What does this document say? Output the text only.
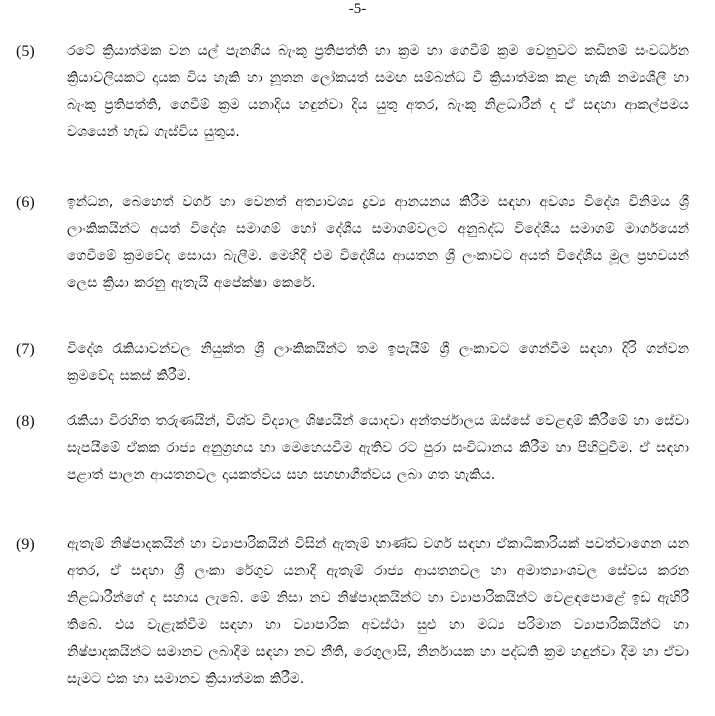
-5-
(5) රටේ ක්‍රියාත්මක වන යල් පැනගිය බැංකු ප්‍රතිපත්ති හා ක්‍රම හා ගෙවීම් ක්‍රම වෙනුවට කඩිනම් සංවර්ධන ක්‍රියාවලියකට දායක විය හැකි හා නූතන ලෝකයත් සමඟ සම්බන්ධ වී ක්‍රියාත්මක කළ හැකි නම්‍යශීලී හා බැංකු ප්‍රතිපත්ති, ගෙවීම් ක්‍රම යනාදිය හඳුන්වා දිය යුතු අතර, බැංකු නිළධාරීන් ද ඒ සඳහා ආකල්පමය වශයෙන් හැඩ ගැස්විය යුතුය.
(6) ඉන්ධන, බෙහෙත් වර්ග හා වෙනත් අත්‍යාවශ්‍ය ද්‍රව්‍ය ආනයනය කිරීම සඳහා අවශ්‍ය විදේශ විනිමය ශ්‍රී ලාංකිකයින්ට අයත් විදේශ සමාගම් හෝ දේශීය සමාගම්වලට අනුබද්ධ විදේශීය සමාගම් මාර්ගයෙන් ගෙවීමේ ක්‍රමවේද සොයා බැලීම. මෙහිදී එම විදේශීය ආයතන ශ්‍රී ලංකාවට අයත් විදේශීය මූල ප්‍රභවයන් ලෙස ක්‍රියා කරනු ඇතැයි අපේක්ෂා කෙරේ.
(7) විදේශ රැකියාවන්වල නියුක්ත ශ්‍රී ලාංකිකයින්ට තම ඉපැයීම් ශ්‍රී ලංකාවට ගෙන්වීම සඳහා දිරි ගන්වන ක්‍රමවේද සකස් කිරීම.
(8) රැකියා විරහිත තරුණයින්, විශ්ව විද්‍යාල ශිෂ්‍යයින් යොදවා අන්තර්ජාලය ඔස්සේ වෙළඳාම් කිරීමේ හා සේවා සැපයීමේ ඒකක රාජ්‍ය අනුග්‍රහය හා මෙහෙයවීම ඇතිව රට පුරා සංවිධානය කිරීම හා පිහිටුවීම. ඒ සඳහා පළාත් පාලන ආයතනවල දායකත්වය සහ සහභාගීත්වය ලබා ගත හැකිය.
(9) ඇතැම් නිෂ්පාදකයින් හා ව්‍යාපාරිකයින් විසින් ඇතැම් භාණ්ඩ වර්ග සඳහා ඒකාධිකාරියක් පවත්වාගෙන යන අතර, ඒ සඳහා ශ්‍රී ලංකා රේගුව යනාදී ඇතැම් රාජ්‍ය ආයතනවල හා අමාත්‍යාංශවල සේවය කරන නිළධාරීන්ගේ ද සහාය ලැබේ. මේ නිසා නව නිෂ්පාදකයින්ට හා ව්‍යාපාරිකයින්ට වෙළඳපොළේ ඉඩ ඇහිරී තිබේ. එය වැළැක්වීම සඳහා හා ව්‍යාපාරික අවස්ථා සුළු හා මධ්‍ය පරිමාන ව්‍යාපාරිකයින්ට හා නිෂ්පාදකයින්ට සමානව ලබාදීම සඳහා නව නීති, රෙගුලාසි, නිර්නායක හා පද්ධති ක්‍රම හඳුන්වා දීම හා ඒවා සැමට එක හා සමානව ක්‍රියාත්මක කිරීම.
